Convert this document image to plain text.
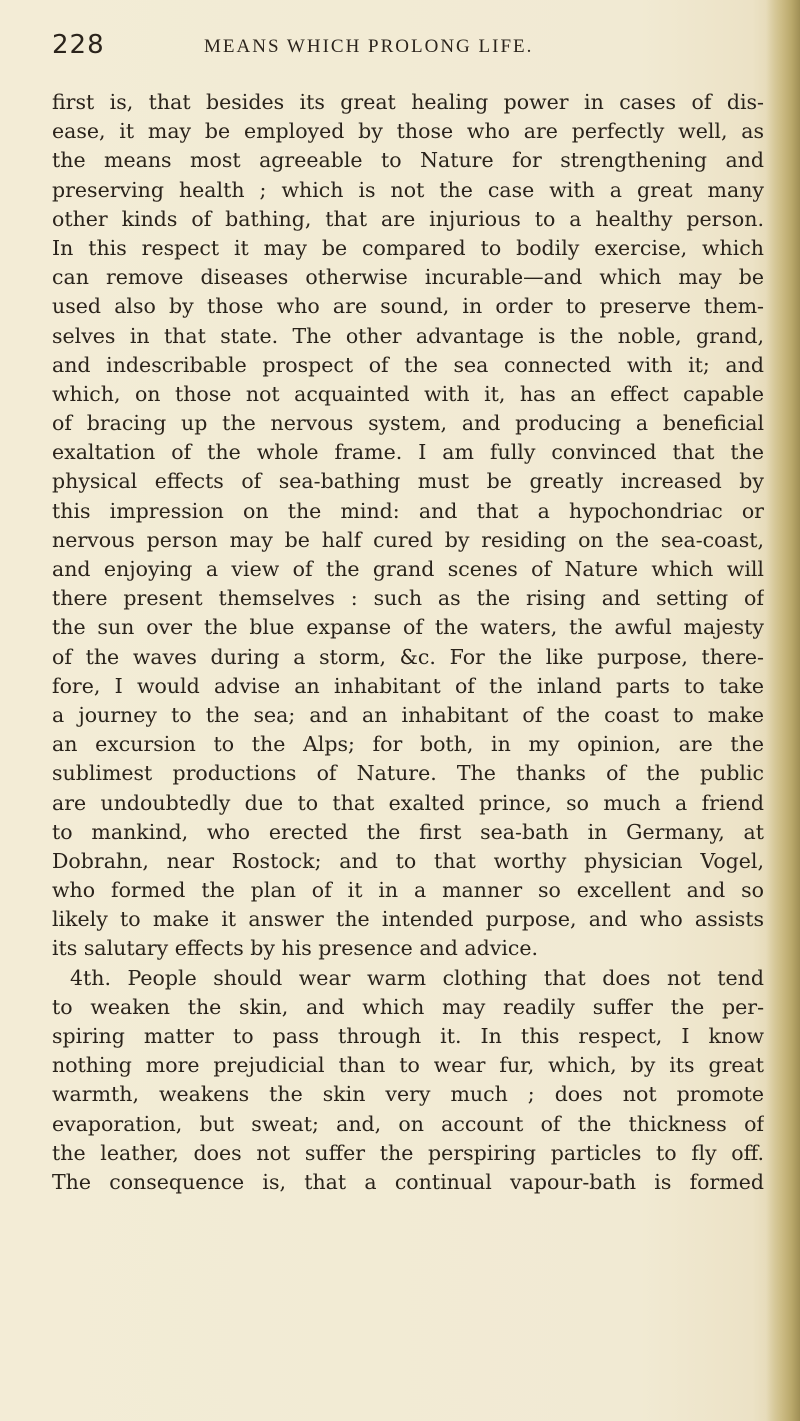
228	MEANS WHICH PROLONG LIFE.
first is, that besides its great healing power in cases of dis-
ease, it may be employed by those who are perfectly well, as
the means most agreeable to Nature for strengthening and
preserving health ; which is not the case with a great many
other kinds of bathing, that are injurious to a healthy person.
In this respect it may be compared to bodily exercise, which
can remove diseases otherwise incurable—and which may be
used also by those who are sound, in order to preserve them-
selves in that state. The other advantage is the noble, grand,
and indescribable prospect of the sea connected with it; and
which, on those not acquainted with it, has an effect capable
of bracing up the nervous system, and producing a beneficial
exaltation of the whole frame. I am fully convinced that the
physical effects of sea-bathing must be greatly increased by
this impression on the mind: and that a hypochondriac or
nervous person may be half cured by residing on the sea-coast,
and enjoying a view of the grand scenes of Nature which will
there present themselves : such as the rising and setting of
the sun over the blue expanse of the waters, the awful majesty
of the waves during a storm, &c. For the like purpose, there-
fore, I would advise an inhabitant of the inland parts to take
a journey to the sea; and an inhabitant of the coast to make
an excursion to the Alps; for both, in my opinion, are the
sublimest productions of Nature. The thanks of the public
are undoubtedly due to that exalted prince, so much a friend
to mankind, who erected the first sea-bath in Germany, at
Dobrahn, near Rostock; and to that worthy physician Vogel,
who formed the plan of it in a manner so excellent and so
likely to make it answer the intended purpose, and who assists
its salutary effects by his presence and advice.
4th. People should wear warm clothing that does not tend
to weaken the skin, and which may readily suffer the per-
spiring matter to pass through it. In this respect, I know
nothing more prejudicial than to wear fur, which, by its great
warmth, weakens the skin very much ; does not promote
evaporation, but sweat; and, on account of the thickness of
the leather, does not suffer the perspiring particles to fly off.
The consequence is, that a continual vapour-bath is formed
